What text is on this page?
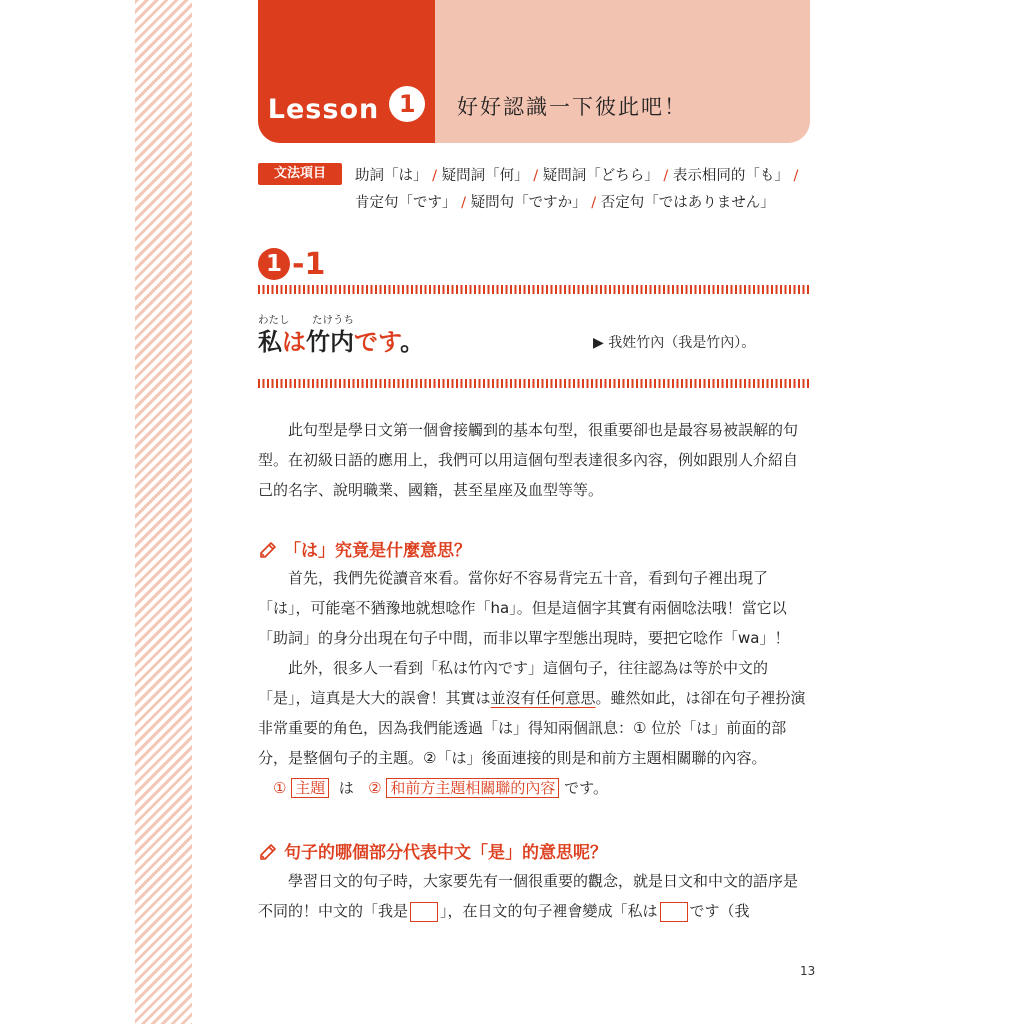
Lesson 1	好好認識一下彼此吧！
文法項目	助詞「は」 / 疑問詞「何」 / 疑問詞「どちら」 / 表示相同的「も」 /
肯定句「です」 / 疑問句「ですか」 / 否定句「ではありません」
1 -1
わたし たけうち
私は竹内です。	▶ 我姓竹內（我是竹內）。

此句型是學日文第一個會接觸到的基本句型，很重要卻也是最容易被誤解的句型。在初級日語的應用上，我們可以用這個句型表達很多內容，例如跟別人介紹自己的名字、說明職業、國籍，甚至星座及血型等等。

「は」究竟是什麼意思？

首先，我們先從讀音來看。當你好不容易背完五十音，看到句子裡出現了「は」，可能毫不猶豫地就想唸作「ha」。但是這個字其實有兩個唸法哦！當它以「助詞」的身分出現在句子中間，而非以單字型態出現時，要把它唸作「wa」！

此外，很多人一看到「私は竹內です」這個句子，往往認為は等於中文的「是」，這真是大大的誤會！其實は並沒有任何意思。雖然如此，は卻在句子裡扮演非常重要的角色，因為我們能透過「は」得知兩個訊息：① 位於「は」前面的部分，是整個句子的主題。②「は」後面連接的則是和前方主題相關聯的內容。

① 主題 は ② 和前方主題相關聯的內容 です。
句子的哪個部分代表中文「是」的意思呢？

學習日文的句子時，大家要先有一個很重要的觀念，就是日文和中文的語序是不同的！中文的「我是 」，在日文的句子裡會變成「私は です（我

13
